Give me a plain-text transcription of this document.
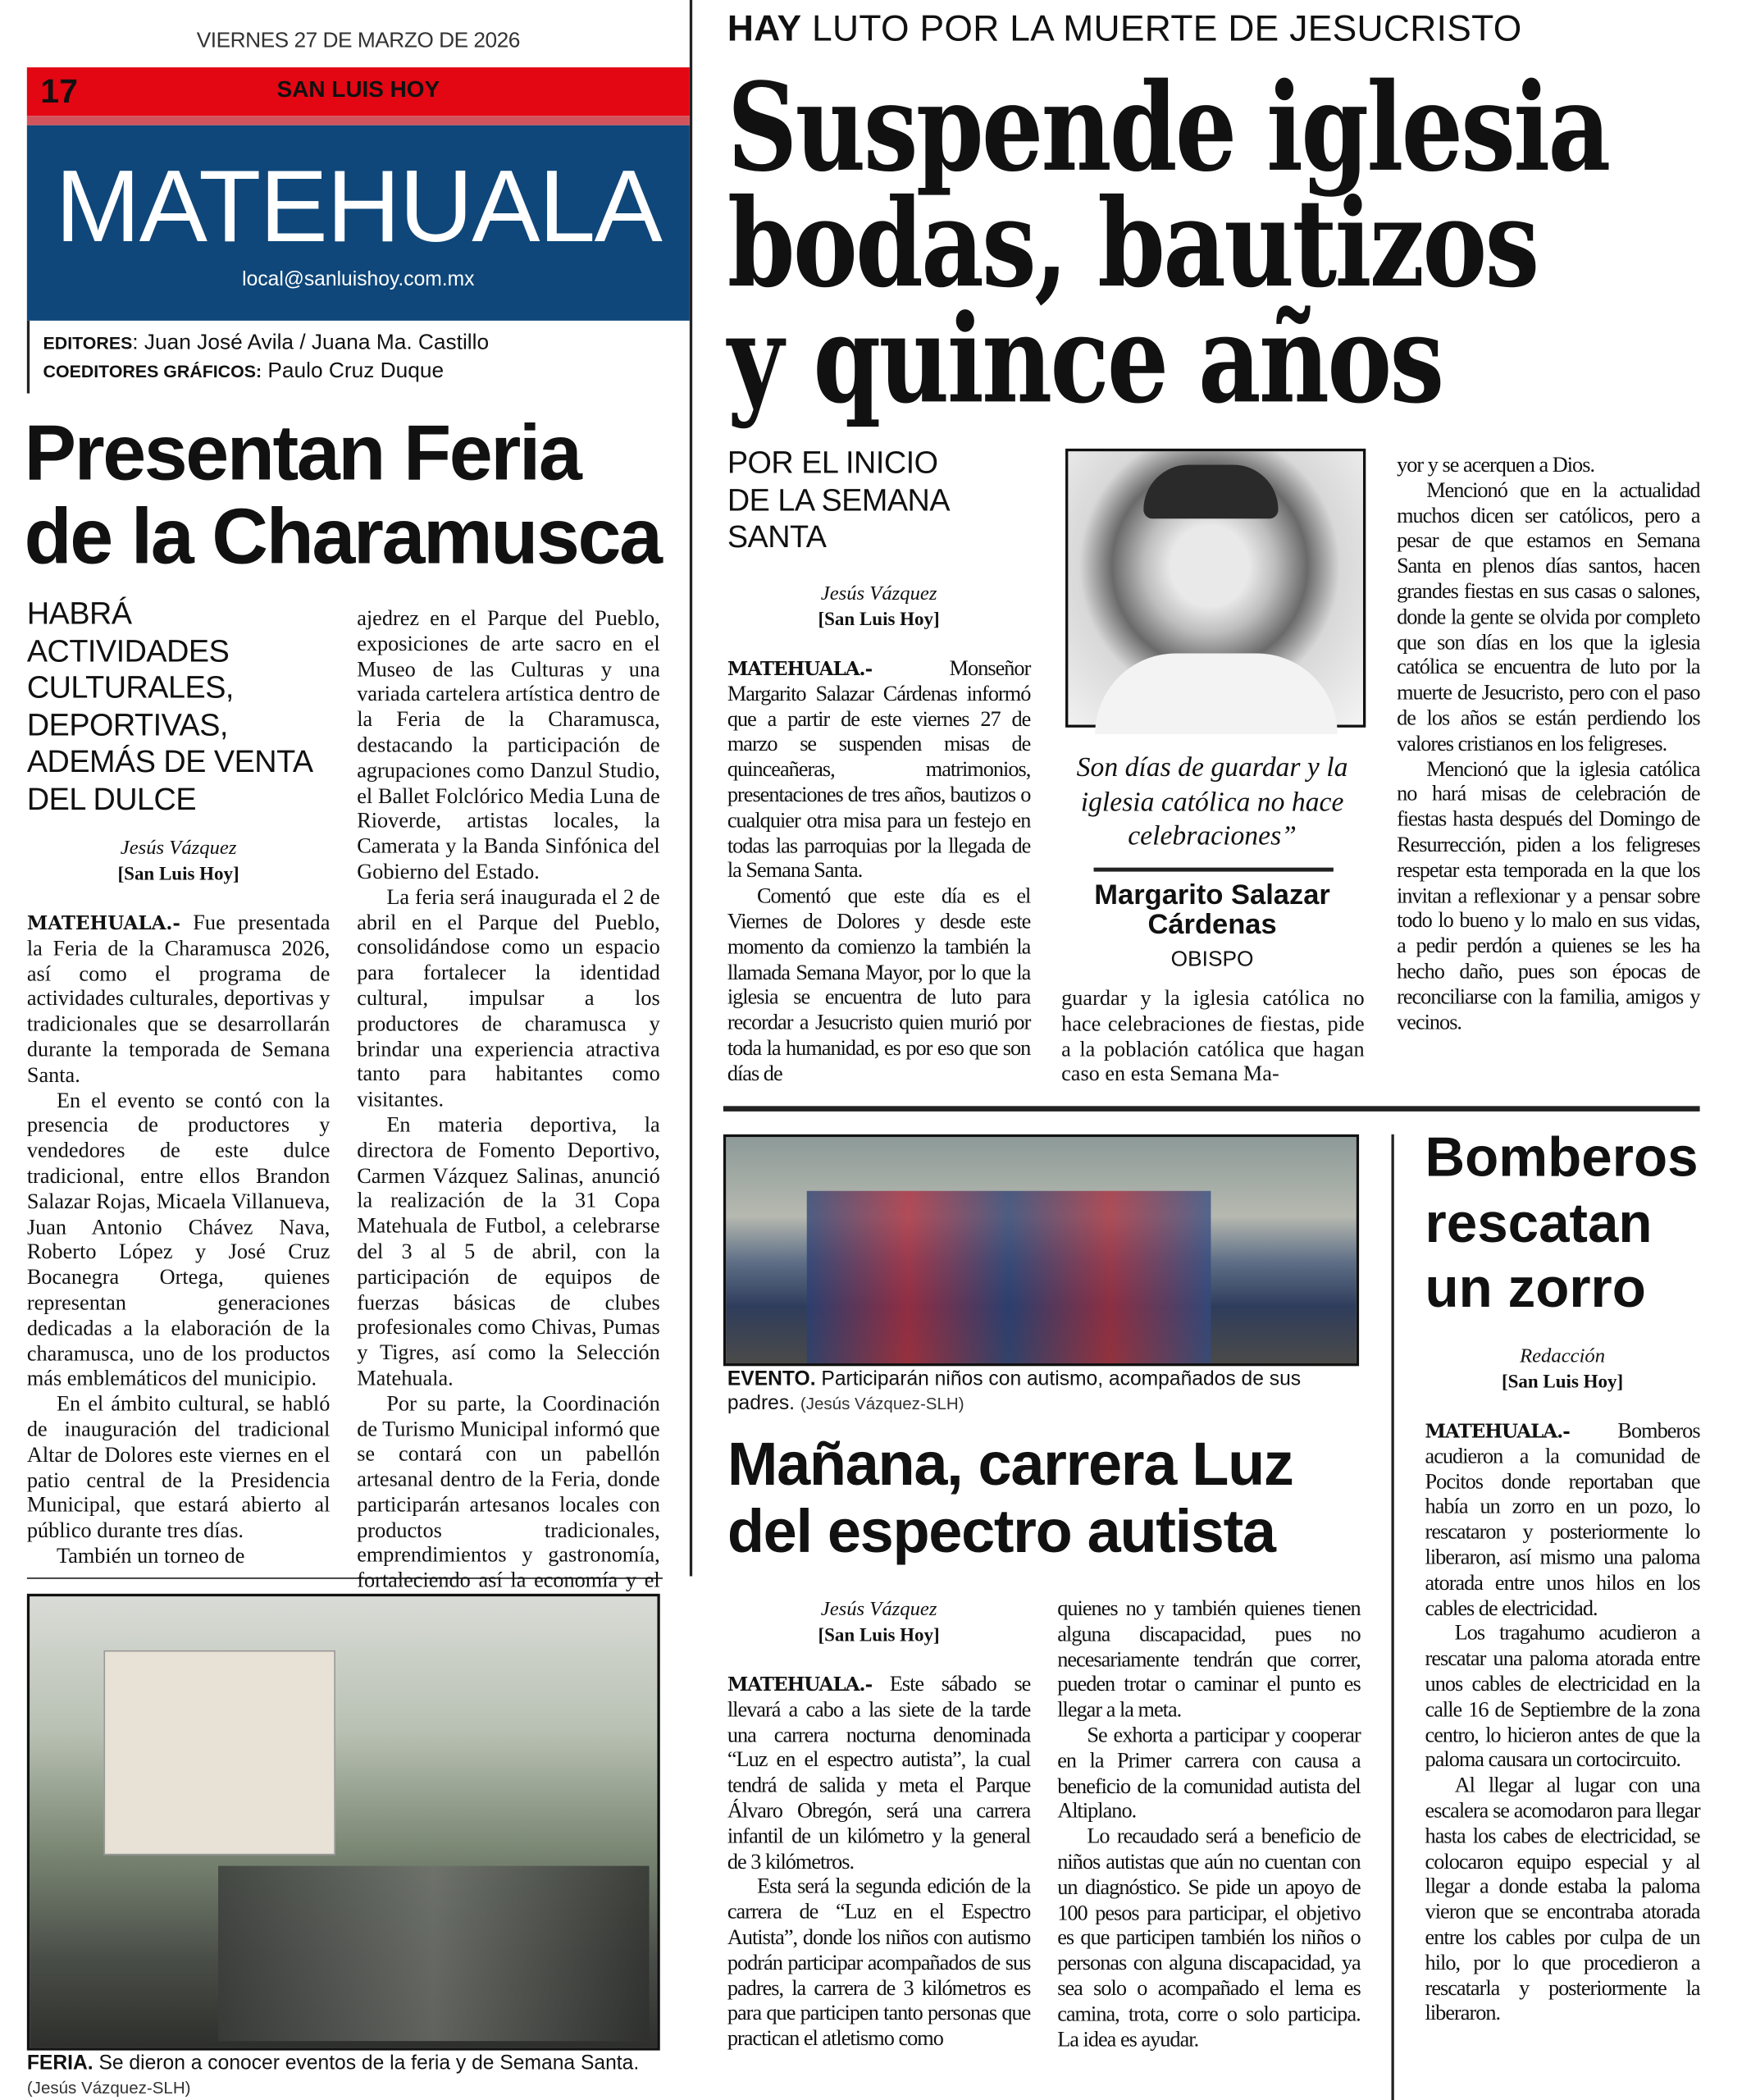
VIERNES 27 DE MARZO DE 2026
17	SAN LUIS HOY
MATEHUALA
local@sanluishoy.com.mx
EDITORES: Juan José Avila / Juana Ma. Castillo
COEDITORES GRÁFICOS: Paulo Cruz Duque
HAY LUTO POR LA MUERTE DE JESUCRISTO
Suspende iglesia
bodas, bautizos
y quince años
POR EL INICIO
DE LA SEMANA
SANTA
Jesús Vázquez
[San Luis Hoy]

MATEHUALA.-	Monseñor Margarito Salazar Cárdenas informó que a partir de este viernes 27 de marzo se suspenden misas de quinceañeras, matrimonios, presentaciones de tres años, bautizos o cualquier otra misa para un festejo en todas las parroquias por la llegada de la Semana Santa.

Comentó que este día es el Viernes de Dolores y desde este momento da comienzo la también la llamada Semana Mayor, por lo que la iglesia se encuentra de luto para recordar a Jesucristo quien murió por toda la humanidad, es por eso que son días de

Son días de guardar y la iglesia católica no hace celebraciones”
Margarito Salazar Cárdenas
OBISPO

guardar y la iglesia católica no hace celebraciones de fiestas, pide a la población católica que hagan caso en esta Semana Ma-

yor y se acerquen a Dios.

Mencionó que en la actualidad muchos dicen ser católicos, pero a pesar de que estamos en Semana Santa en plenos días santos, hacen grandes fiestas en sus casas o salones, donde la gente se olvida por completo que son días en los que la iglesia católica se encuentra de luto por la muerte de Jesucristo, pero con el paso de los años se están perdiendo los valores cristianos en los feligreses.

Mencionó que la iglesia católica no hará misas de celebración de fiestas hasta después del Domingo de Resurrección, piden a los feligreses respetar esta temporada en la que los invitan a reflexionar y a pensar sobre todo lo bueno y lo malo en sus vidas, a pedir perdón a quienes se les ha hecho daño, pues son épocas de reconciliarse con la familia, amigos y vecinos.

Presentan Feria
de la Charamusca
HABRÁ
ACTIVIDADES
CULTURALES,
DEPORTIVAS,
ADEMÁS DE VENTA
DEL DULCE
Jesús Vázquez
[San Luis Hoy]

MATEHUALA.- Fue presentada la Feria de la Charamusca 2026, así como el programa de actividades culturales, deportivas y tradicionales que se desarrollarán durante la temporada de Semana Santa.

En el evento se contó con la presencia de productores y vendedores de este dulce tradicional, entre ellos Brandon Salazar Rojas, Micaela Villanueva, Juan Antonio Chávez Nava, Roberto López y José Cruz Bocanegra Ortega, quienes representan generaciones dedicadas a la elaboración de la charamusca, uno de los productos más emblemáticos del municipio.

En el ámbito cultural, se habló de inauguración del tradicional Altar de Dolores este viernes en el patio central de la Presidencia Municipal, que estará abierto al público durante tres días.

También un torneo de

ajedrez en el Parque del Pueblo, exposiciones de arte sacro en el Museo de las Culturas y una variada cartelera artística dentro de la Feria de la Charamusca, destacando la participación de agrupaciones como Danzul Studio, el Ballet Folclórico Media Luna de Rioverde, artistas locales, la Camerata y la Banda Sinfónica del Gobierno del Estado.

La feria será inaugurada el 2 de abril en el Parque del Pueblo, consolidándose como un espacio para fortalecer la identidad cultural, impulsar a los productores de charamusca y brindar una experiencia atractiva tanto para habitantes como visitantes.

En materia deportiva, la directora de Fomento Deportivo, Carmen Vázquez Salinas, anunció la realización de la 31 Copa Matehuala de Futbol, a celebrarse del 3 al 5 de abril, con la participación de equipos de fuerzas básicas de clubes profesionales como Chivas, Pumas y Tigres, así como la Selección Matehuala.

Por su parte, la Coordinación de Turismo Municipal informó que se contará con un pabellón artesanal dentro de la Feria, donde participarán artesanos locales con productos tradicionales, emprendimientos y gastronomía, fortaleciendo así la economía y el

FERIA. Se dieron a conocer eventos de la feria y de Semana Santa. (Jesús Vázquez-SLH)
EVENTO. Participarán niños con autismo, acompañados de sus padres. (Jesús Vázquez-SLH)
Mañana, carrera Luz
del espectro autista
Jesús Vázquez
[San Luis Hoy]

MATEHUALA.- Este sábado se llevará a cabo a las siete de la tarde una carrera nocturna denominada “Luz en el espectro autista”, la cual tendrá de salida y meta el Parque Álvaro Obregón, será una carrera infantil de un kilómetro y la general de 3 kilómetros.

Esta será la segunda edición de la carrera de “Luz en el Espectro Autista”, donde los niños con autismo podrán participar acompañados de sus padres, la carrera de 3 kilómetros es para que participen tanto personas que practican el atletismo como

quienes no y también quienes tienen alguna discapacidad, pues no necesariamente tendrán que correr, pueden trotar o caminar el punto es llegar a la meta.

Se exhorta a participar y cooperar en la Primer carrera con causa a beneficio de la comunidad autista del Altiplano.

Lo recaudado será a beneficio de niños autistas que aún no cuentan con un diagnóstico. Se pide un apoyo de 100 pesos para participar, el objetivo es que participen también los niños o personas con alguna discapacidad, ya sea solo o acompañado el lema es camina, trota, corre o solo participa. La idea es ayudar.

Bomberos
rescatan
un zorro
Redacción
[San Luis Hoy]

MATEHUALA.-	Bomberos acudieron a la comunidad de Pocitos donde reportaban que había un zorro en un pozo, lo rescataron y posteriormente lo liberaron, así mismo una paloma atorada entre unos hilos en los cables de electricidad.

Los tragahumo acudieron a rescatar una paloma atorada entre unos cables de electricidad en la calle 16 de Septiembre de la zona centro, lo hicieron antes de que la paloma causara un cortocircuito.

Al llegar al lugar con una escalera se acomodaron para llegar hasta los cabes de electricidad, se colocaron equipo especial y al llegar a donde estaba la paloma vieron que se encontraba atorada entre los cables por culpa de un hilo, por lo que procedieron a rescatarla y posteriormente la liberaron.
